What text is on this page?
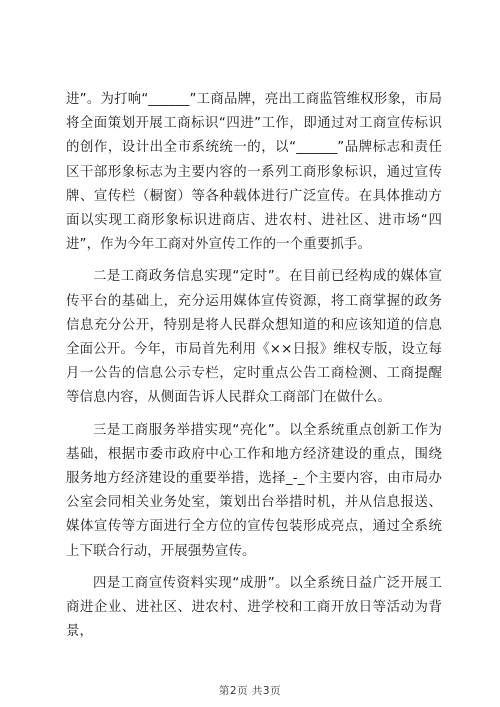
进”。为打响“______”工商品牌，亮出工商监管维权形象，市局将全面策划开展工商标识“四进”工作，即通过对工商宣传标识的创作，设计出全市系统统一的，以“______”品牌标志和责任区干部形象标志为主要内容的一系列工商形象标识，通过宣传牌、宣传栏（橱窗）等各种载体进行广泛宣传。在具体推动方面以实现工商形象标识进商店、进农村、进社区、进市场“四进”，作为今年工商对外宣传工作的一个重要抓手。

二是工商政务信息实现“定时”。在目前已经构成的媒体宣传平台的基础上，充分运用媒体宣传资源，将工商掌握的政务信息充分公开，特别是将人民群众想知道的和应该知道的信息全面公开。今年，市局首先利用《××日报》维权专版，设立每月一公告的信息公示专栏，定时重点公告工商检测、工商提醒等信息内容，从侧面告诉人民群众工商部门在做什么。

三是工商服务举措实现“亮化”。以全系统重点创新工作为基础，根据市委市政府中心工作和地方经济建设的重点，围绕服务地方经济建设的重要举措，选择_-_个主要内容，由市局办公室会同相关业务处室，策划出台举措时机，并从信息报送、媒体宣传等方面进行全方位的宣传包装形成亮点，通过全系统上下联合行动，开展强势宣传。

四是工商宣传资料实现“成册”。以全系统日益广泛开展工商进企业、进社区、进农村、进学校和工商开放日等活动为背景，

第2页 共3页
